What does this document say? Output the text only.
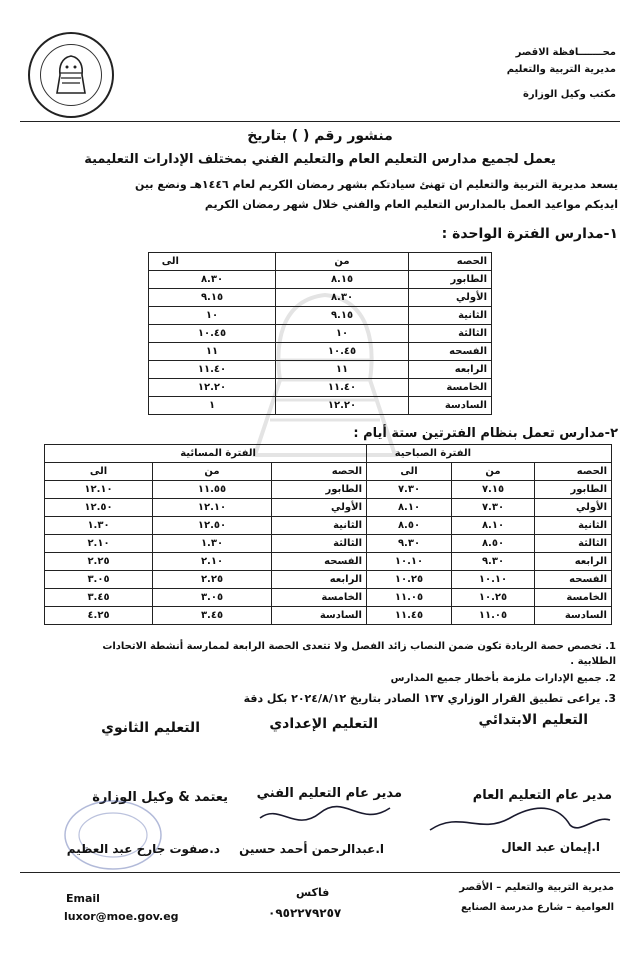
محـــــــافظة الاقصر
مديرية التربية والتعليم
مكتب وكيل الوزارة
منشور رقم ( ) بتاريخ
يعمل لجميع مدارس التعليم العام والتعليم الفني بمختلف الإدارات التعليمية
يسعد مديرية التربية والتعليم ان تهنئ سيادتكم بشهر رمضان الكريم لعام ١٤٤٦هـ ونضع بين
ايديكم مواعيد العمل بالمدارس التعليم العام والفني خلال شهر رمضان الكريم
١-مدارس الفترة الواحدة :
الحصه	من	الى
الطابور	٨.١٥	٨.٣٠
الأولي	٨.٣٠	٩.١٥
الثانية	٩.١٥	١٠
الثالثة	١٠	١٠.٤٥
الفسحه	١٠.٤٥	١١
الرابعه	١١	١١.٤٠
الخامسة	١١.٤٠	١٢.٢٠
السادسة	١٢.٢٠	١
٢-مدارس تعمل بنظام الفترتين ستة أيام :
الفترة الصباحية			الفترة المسائية		
الحصه	من	الى	الحصه	من	الى
الطابور	٧.١٥	٧.٣٠	الطابور	١١.٥٥	١٢.١٠
الأولي	٧.٣٠	٨.١٠	الأولي	١٢.١٠	١٢.٥٠
الثانية	٨.١٠	٨.٥٠	الثانية	١٢.٥٠	١.٣٠
الثالثة	٨.٥٠	٩.٣٠	الثالثة	١.٣٠	٢.١٠
الرابعه	٩.٣٠	١٠.١٠	الفسحه	٢.١٠	٢.٢٥
الفسحه	١٠.١٠	١٠.٢٥	الرابعه	٢.٢٥	٣.٠٥
الخامسة	١٠.٢٥	١١.٠٥	الخامسة	٣.٠٥	٣.٤٥
السادسة	١١.٠٥	١١.٤٥	السادسة	٣.٤٥	٤.٢٥
1. تخصص حصة الريادة تكون ضمن النصاب زائد الفصل ولا تتعدى الحصة الرابعة لممارسة أنشطة الاتحادات
الطلابية .
2. جميع الإدارات ملزمة بأخطار جميع المدارس
3. يراعى تطبيق القرار الوزاري ١٣٧ الصادر بتاريخ ٢٠٢٤/٨/١٢ بكل دقة
التعليم الابتدائي
التعليم الإعدادي
التعليم الثانوي
مدير عام التعليم العام
مدير عام التعليم الفني
يعتمد & وكيل الوزارة
ا.إيمان عبد العال
ا.عبدالرحمن أحمد حسين
د.صفوت جارح عبد العظيم
مديرية التربية والتعليم – الأقصر
العوامية – شارع مدرسة الصنايع
فاكس
٠٩٥٢٢٧٩٢٥٧
Email
luxor@moe.gov.eg
